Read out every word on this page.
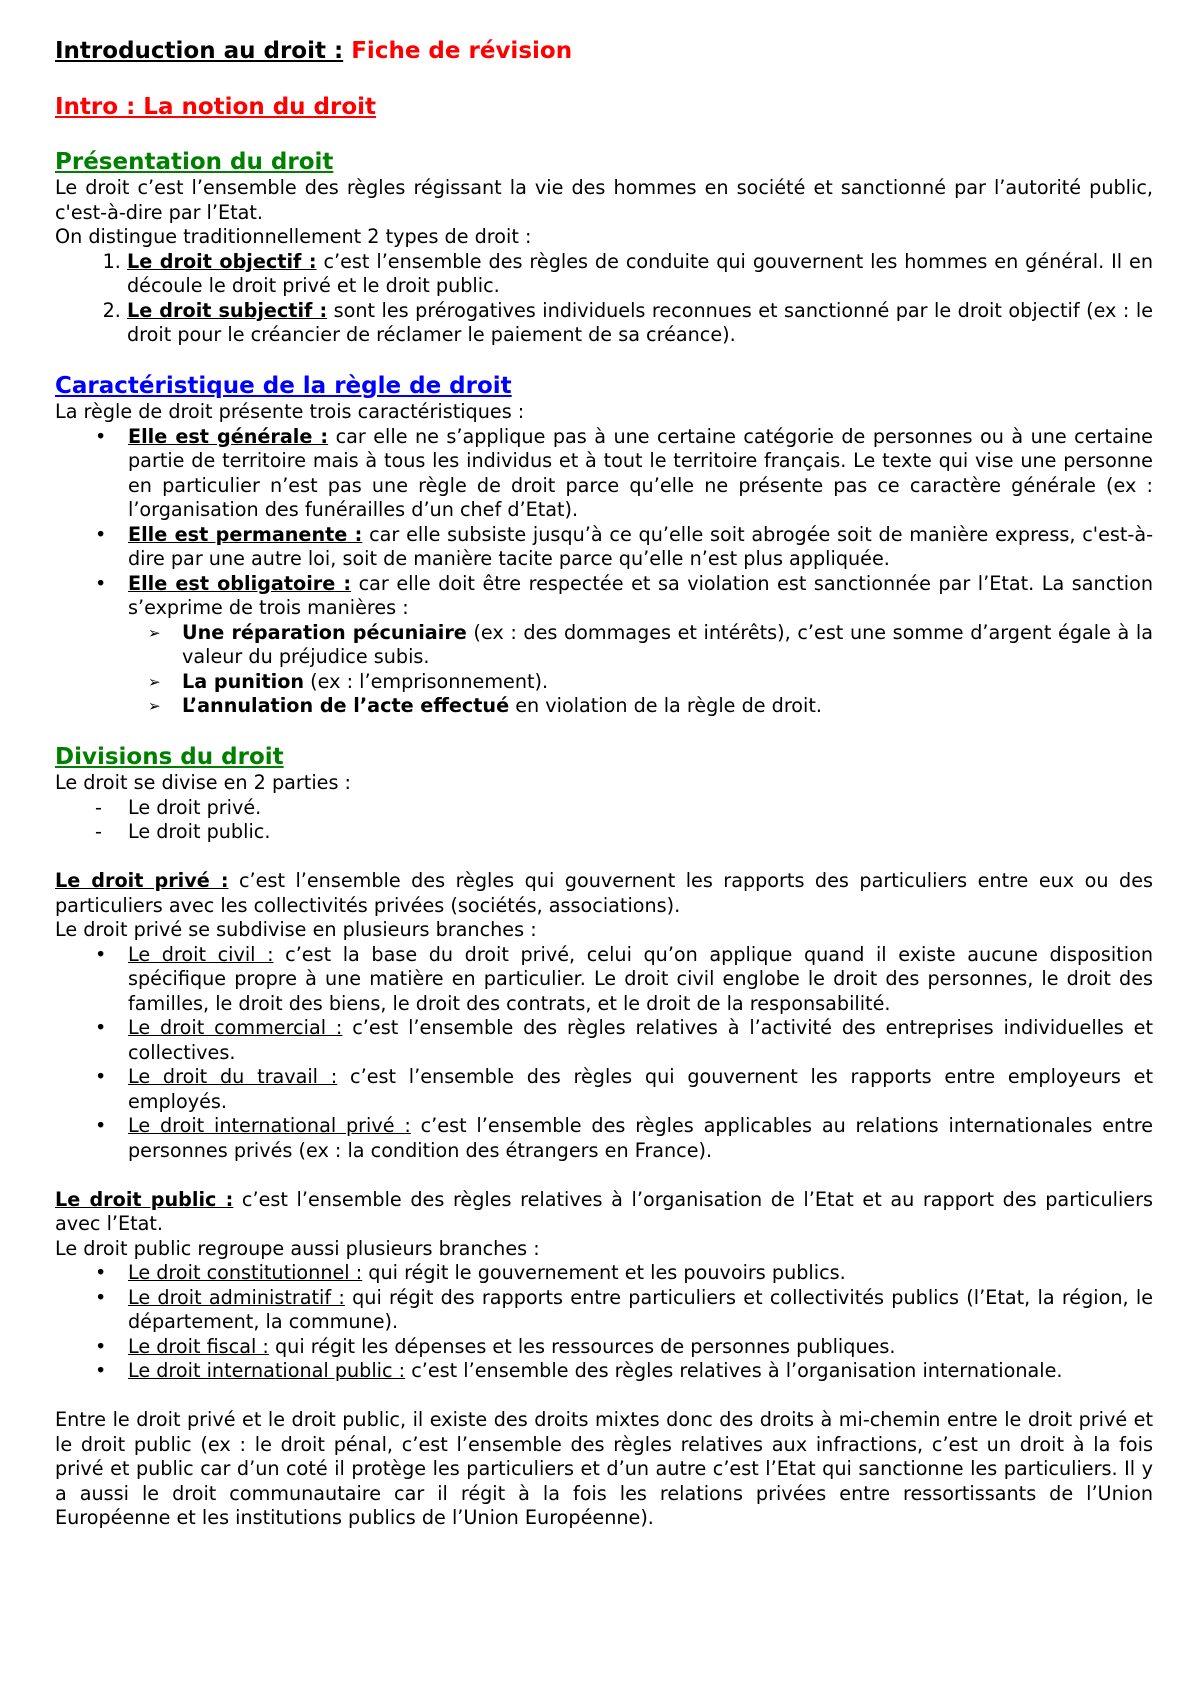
Introduction au droit : Fiche de révision
Intro : La notion du droit
Présentation du droit

Le droit c’est l’ensemble des règles régissant la vie des hommes en société et sanctionné par l’autorité public, c'est-à-dire par l’Etat.

On distingue traditionnellement 2 types de droit :

1. Le droit objectif : c’est l’ensemble des règles de conduite qui gouvernent les hommes en général. Il en découle le droit privé et le droit public.
2. Le droit subjectif : sont les prérogatives individuels reconnues et sanctionné par le droit objectif (ex : le droit pour le créancier de réclamer le paiement de sa créance).
Caractéristique de la règle de droit

La règle de droit présente trois caractéristiques :

• Elle est générale : car elle ne s’applique pas à une certaine catégorie de personnes ou à une certaine partie de territoire mais à tous les individus et à tout le territoire français. Le texte qui vise une personne en particulier n’est pas une règle de droit parce qu’elle ne présente pas ce caractère générale (ex : l’organisation des funérailles d’un chef d’Etat).
• Elle est permanente : car elle subsiste jusqu’à ce qu’elle soit abrogée soit de manière express, c'est-à-dire par une autre loi, soit de manière tacite parce qu’elle n’est plus appliquée.
• Elle est obligatoire : car elle doit être respectée et sa violation est sanctionnée par l’Etat. La sanction s’exprime de trois manières :
➢ Une réparation pécuniaire (ex : des dommages et intérêts), c’est une somme d’argent égale à la valeur du préjudice subis.
➢ La punition (ex : l’emprisonnement).
➢ L’annulation de l’acte effectué en violation de la règle de droit.
Divisions du droit

Le droit se divise en 2 parties :

- Le droit privé.
- Le droit public.

Le droit privé : c’est l’ensemble des règles qui gouvernent les rapports des particuliers entre eux ou des particuliers avec les collectivités privées (sociétés, associations).

Le droit privé se subdivise en plusieurs branches :

• Le droit civil : c’est la base du droit privé, celui qu’on applique quand il existe aucune disposition spécifique propre à une matière en particulier. Le droit civil englobe le droit des personnes, le droit des familles, le droit des biens, le droit des contrats, et le droit de la responsabilité.
• Le droit commercial : c’est l’ensemble des règles relatives à l’activité des entreprises individuelles et collectives.
• Le droit du travail : c’est l’ensemble des règles qui gouvernent les rapports entre employeurs et employés.
• Le droit international privé : c’est l’ensemble des règles applicables au relations internationales entre personnes privés (ex : la condition des étrangers en France).

Le droit public : c’est l’ensemble des règles relatives à l’organisation de l’Etat et au rapport des particuliers avec l’Etat.

Le droit public regroupe aussi plusieurs branches :

• Le droit constitutionnel : qui régit le gouvernement et les pouvoirs publics.
• Le droit administratif : qui régit des rapports entre particuliers et collectivités publics (l’Etat, la région, le département, la commune).
• Le droit fiscal : qui régit les dépenses et les ressources de personnes publiques.
• Le droit international public : c’est l’ensemble des règles relatives à l’organisation internationale.

Entre le droit privé et le droit public, il existe des droits mixtes donc des droits à mi-chemin entre le droit privé et le droit public (ex : le droit pénal, c’est l’ensemble des règles relatives aux infractions, c’est un droit à la fois privé et public car d’un coté il protège les particuliers et d’un autre c’est l’Etat qui sanctionne les particuliers. Il y a aussi le droit communautaire car il régit à la fois les relations privées entre ressortissants de l’Union Européenne et les institutions publics de l’Union Européenne).
